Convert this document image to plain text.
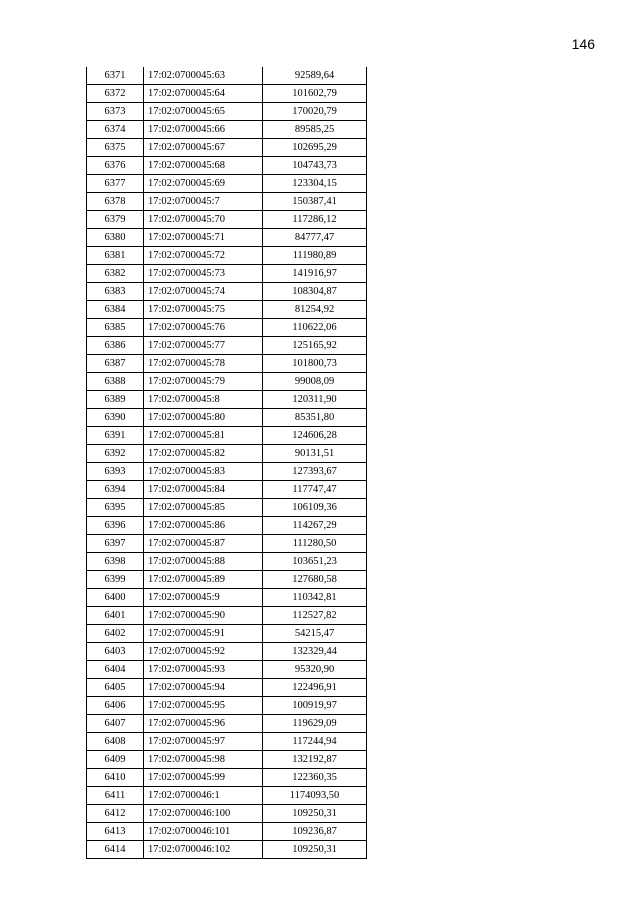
146
6371	17:02:0700045:63	92589,64
6372	17:02:0700045:64	101602,79
6373	17:02:0700045:65	170020,79
6374	17:02:0700045:66	89585,25
6375	17:02:0700045:67	102695,29
6376	17:02:0700045:68	104743,73
6377	17:02:0700045:69	123304,15
6378	17:02:0700045:7	150387,41
6379	17:02:0700045:70	117286,12
6380	17:02:0700045:71	84777,47
6381	17:02:0700045:72	111980,89
6382	17:02:0700045:73	141916,97
6383	17:02:0700045:74	108304,87
6384	17:02:0700045:75	81254,92
6385	17:02:0700045:76	110622,06
6386	17:02:0700045:77	125165,92
6387	17:02:0700045:78	101800,73
6388	17:02:0700045:79	99008,09
6389	17:02:0700045:8	120311,90
6390	17:02:0700045:80	85351,80
6391	17:02:0700045:81	124606,28
6392	17:02:0700045:82	90131,51
6393	17:02:0700045:83	127393,67
6394	17:02:0700045:84	117747,47
6395	17:02:0700045:85	106109,36
6396	17:02:0700045:86	114267,29
6397	17:02:0700045:87	111280,50
6398	17:02:0700045:88	103651,23
6399	17:02:0700045:89	127680,58
6400	17:02:0700045:9	110342,81
6401	17:02:0700045:90	112527,82
6402	17:02:0700045:91	54215,47
6403	17:02:0700045:92	132329,44
6404	17:02:0700045:93	95320,90
6405	17:02:0700045:94	122496,91
6406	17:02:0700045:95	100919,97
6407	17:02:0700045:96	119629,09
6408	17:02:0700045:97	117244,94
6409	17:02:0700045:98	132192,87
6410	17:02:0700045:99	122360,35
6411	17:02:0700046:1	1174093,50
6412	17:02:0700046:100	109250,31
6413	17:02:0700046:101	109236,87
6414	17:02:0700046:102	109250,31
